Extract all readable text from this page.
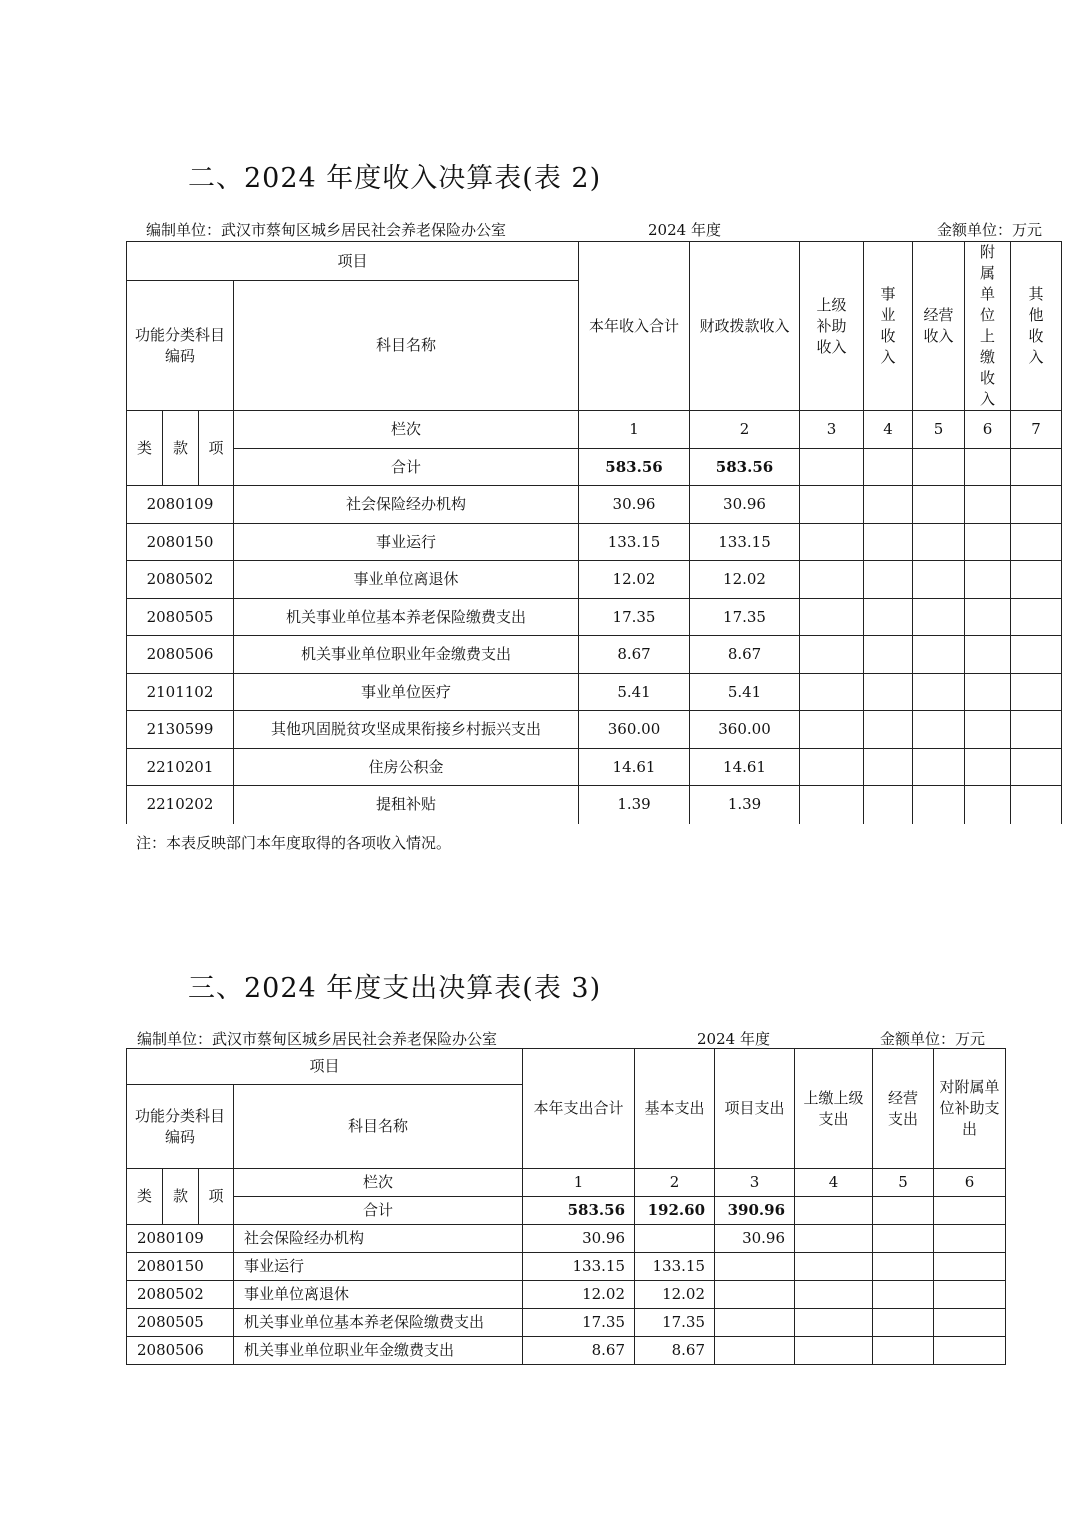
二、2024 年度收入决算表(表 2)
编制单位：武汉市蔡甸区城乡居民社会养老保险办公室	2024 年度	金额单位：万元
项目				本年收入合计	财政拨款收入	上级补助收入	事业收入	经营收入	附属单位上缴收入	其他收入

功能分类科目编码			科目名称							
类	款	项	栏次	1	2	3	4	5	6	7
			合计	583.56	583.56					
2080109			社会保险经办机构	30.96	30.96					
2080150			事业运行	133.15	133.15					
2080502			事业单位离退休	12.02	12.02					
2080505			机关事业单位基本养老保险缴费支出	17.35	17.35					
2080506			机关事业单位职业年金缴费支出	8.67	8.67					
2101102			事业单位医疗	5.41	5.41					
2130599			其他巩固脱贫攻坚成果衔接乡村振兴支出	360.00	360.00					
2210201			住房公积金	14.61	14.61					
2210202			提租补贴	1.39	1.39					
注：本表反映部门本年度取得的各项收入情况。
三、2024 年度支出决算表(表 3)
编制单位：武汉市蔡甸区城乡居民社会养老保险办公室	2024 年度	金额单位：万元
项目				本年支出合计	基本支出	项目支出	上缴上级支出	经营支出	对附属单位补助支出

功能分类科目编码			科目名称						
类	款	项	栏次	1	2	3	4	5	6
			合计	583.56	192.60	390.96			
2080109			社会保险经办机构	30.96		30.96			
2080150			事业运行	133.15	133.15				
2080502			事业单位离退休	12.02	12.02				
2080505			机关事业单位基本养老保险缴费支出	17.35	17.35				
2080506			机关事业单位职业年金缴费支出	8.67	8.67				
